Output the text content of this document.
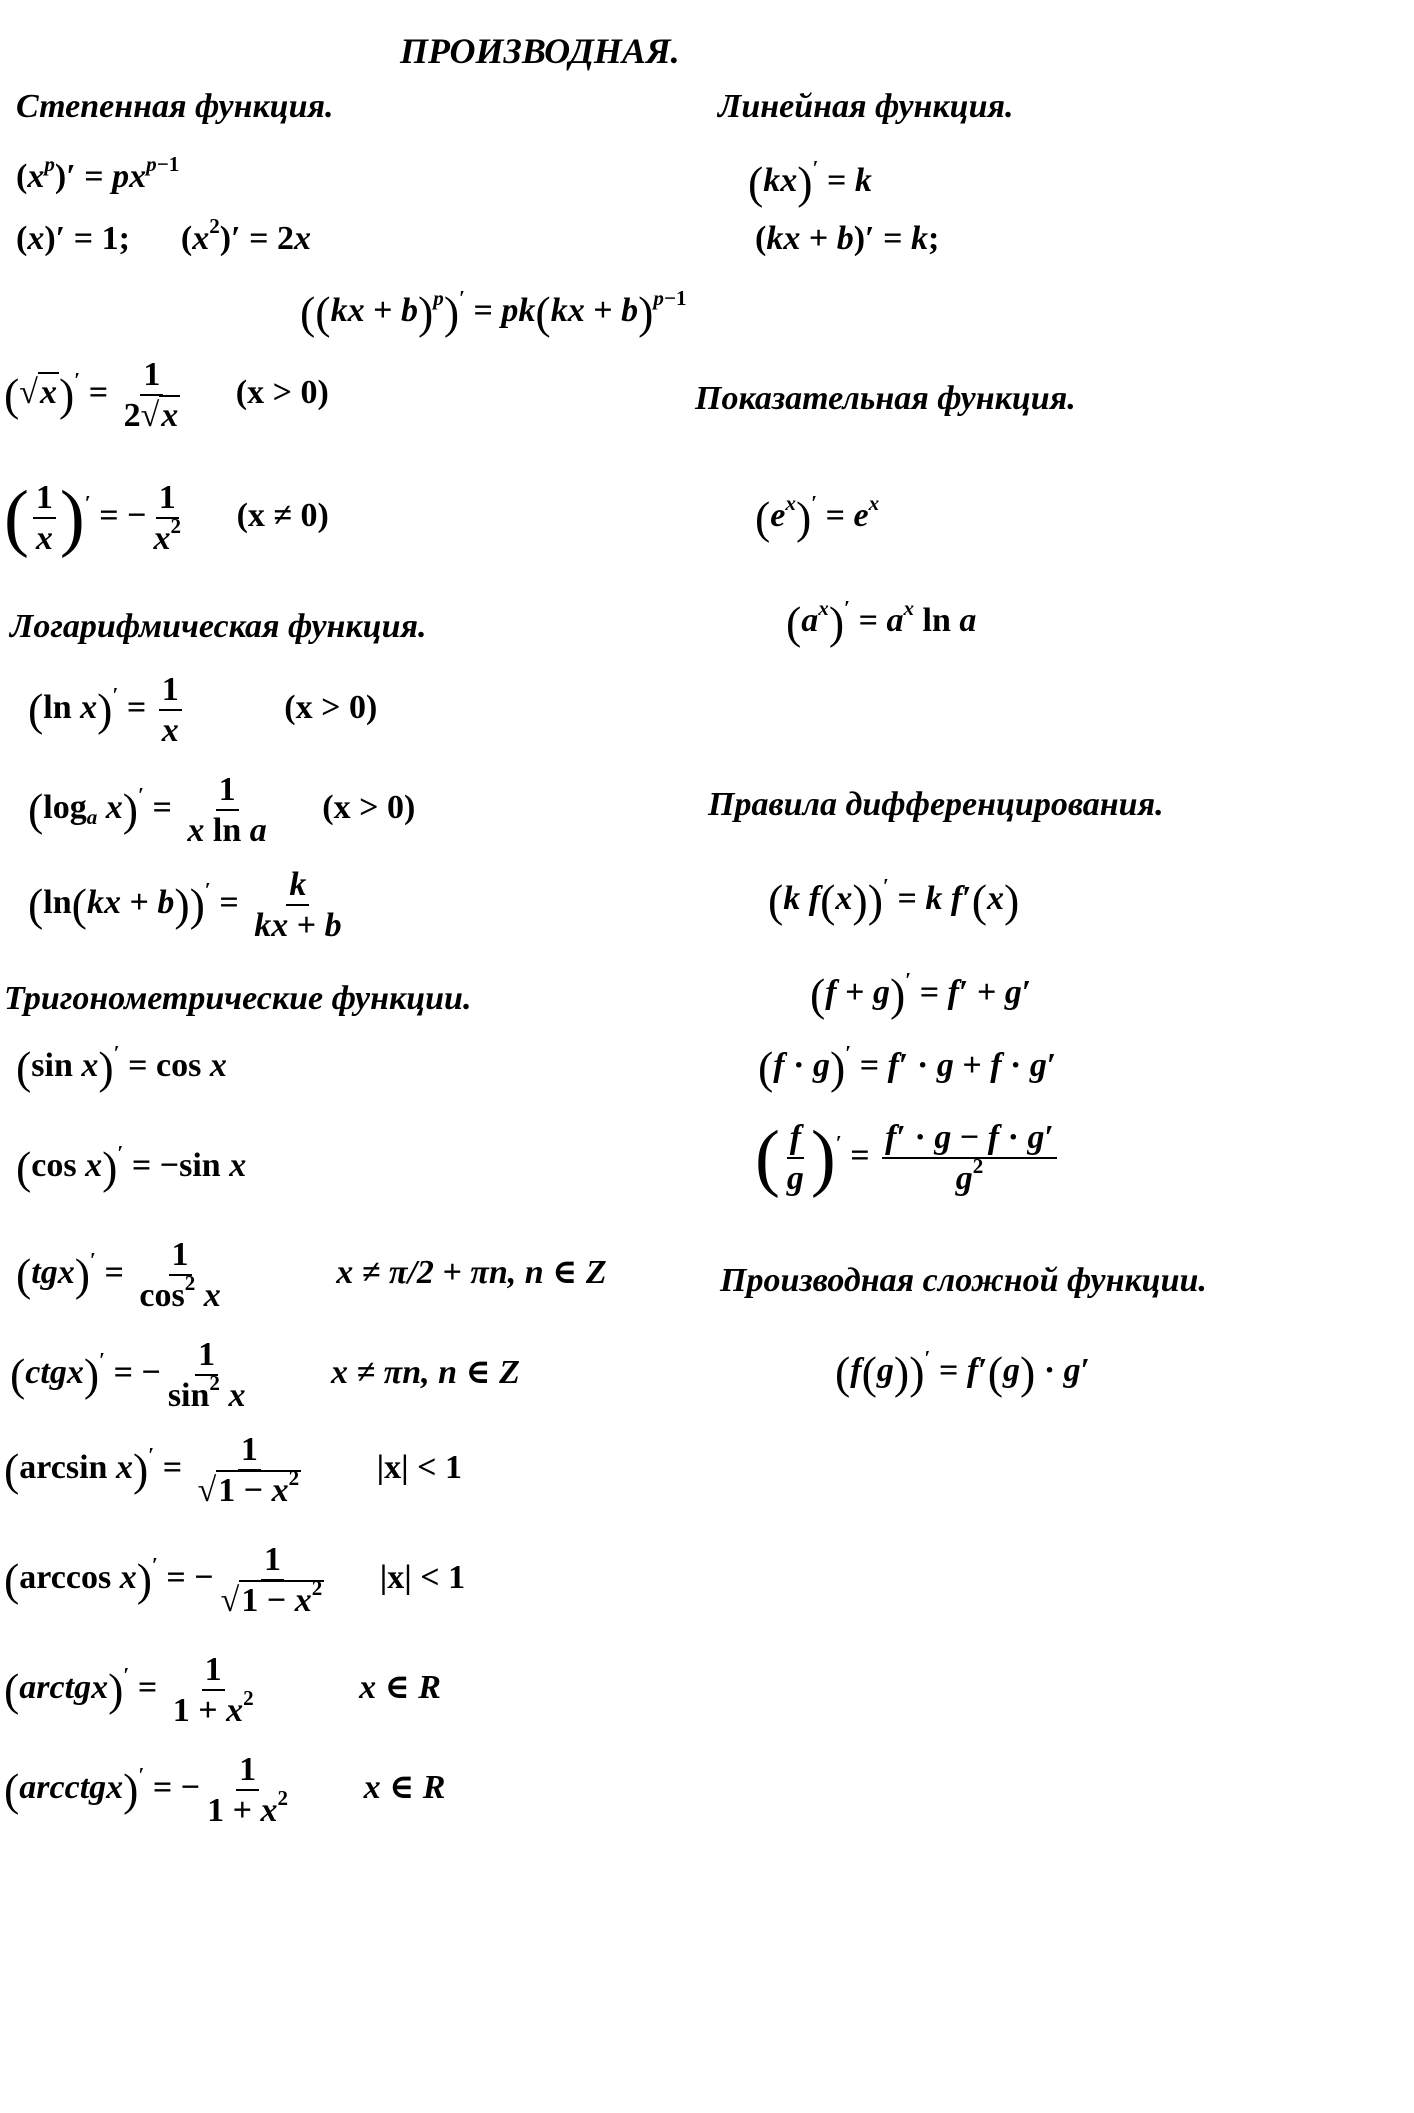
ПРОИЗВОДНАЯ.
Степенная функция.	Линейная функция.
Показательная функция.
Логарифмическая функция.
Правила дифференцирования.
Тригонометрические функции.
Производная сложной функции.
$(x^p)' = px^{p-1}$
(x)′ = 1;      $(x^2)' = 2x$
((kx + b)$^p$)′ = pk(kx + b)$^{p-1}$
(kx)′ = k
(kx + b)′ = k;
$(√x)' = \frac{1}{2√x} (x > 0)$
( $\frac{1}{x} )'$ = − $\frac{1}{x^2} (x \ne 0)$	$(e^x)' = e^x$
$(a^x)' = a^x$ ln a
(ln $x)' = \frac{1}{x}$	(x > 0)
($\log_a$ $x)' = \frac{1}{\text{x ln a}} (x > 0)$
$(\ln(kx + b))' = \frac{k}{kx + b}$	(k f(x))′ = k f′(x)
(f + g)′ = f′ + g′
(f · g)′ = f′ · g + f · g′
( $\frac{f}{g} )' = \frac{f' \cdot g - f \cdot g'}{g^2}$
(f(g))′ = f′(g) · g′
(sin x)′ = cos x
(cos x)′ = −sin x
$(tgx)' = \frac{1}{\cos^2 x}$	x ≠ π/2 + πn, n ∈ Z
(ctgx)′ = − $\frac{1}{\sin^2 x}$ x ≠ πn, n ∈ Z
(arcsin $x)' = \frac{1}{√1 - x^2} |x| < 1$
(arccos x)′ = − $\frac{1}{√1 - x^2} |x| < 1$
(arctgx)′ = $\frac{1}{1 + x^2}$	x ∈ R
(arcctgx)′ = − $\frac{1}{1 + x^2}$ x ∈ R
